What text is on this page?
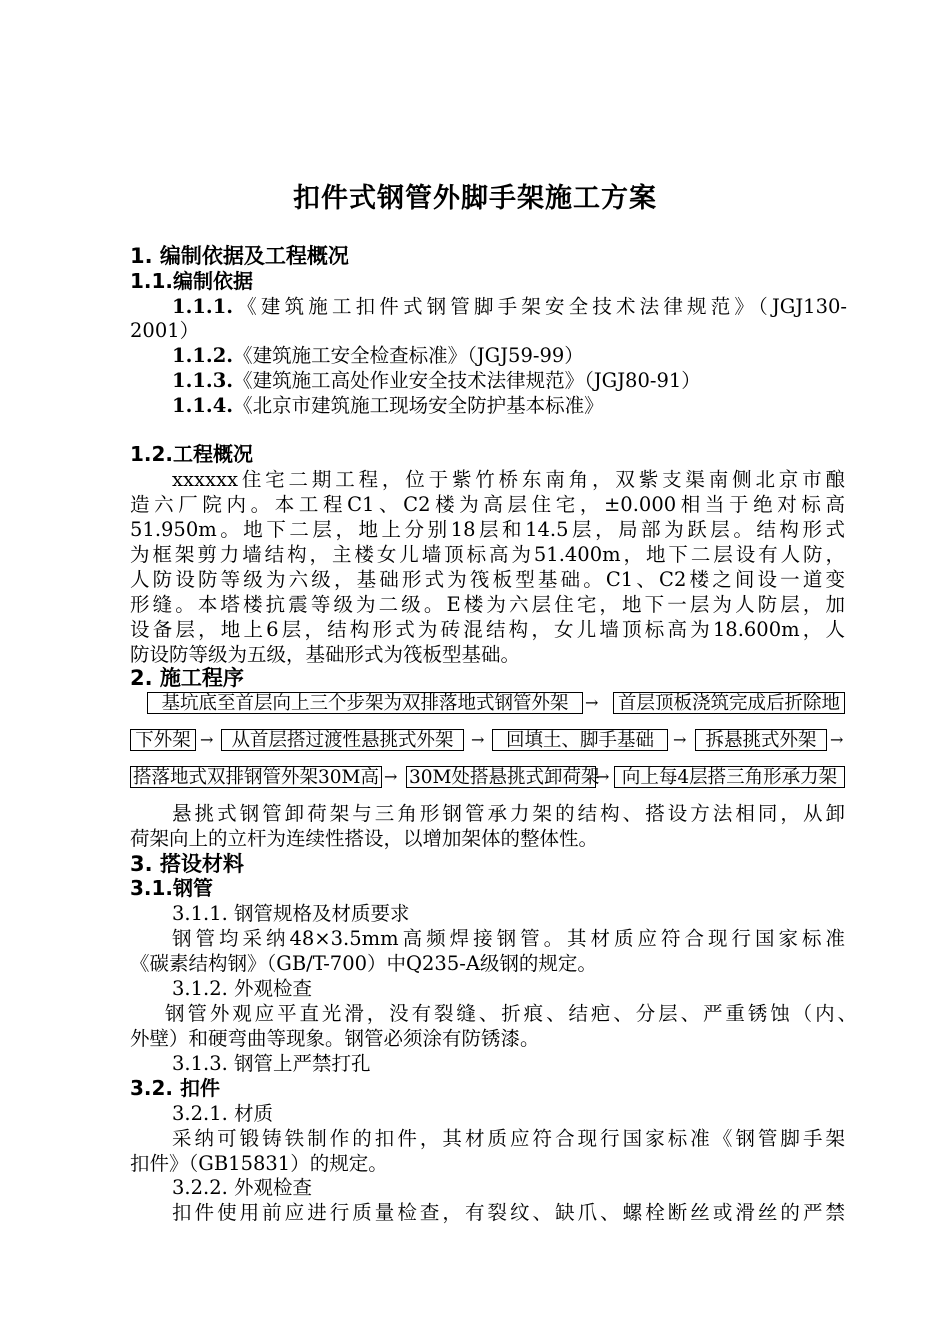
扣件式钢管外脚手架施工方案
1. 编制依据及工程概况
1.1.编制依据
1.1.1.《建筑施工扣件式钢管脚手架安全技术法律规范》（JGJ130-
2001）
1.1.2.《建筑施工安全检查标准》（JGJ59-99）
1.1.3.《建筑施工高处作业安全技术法律规范》（JGJ80-91）
1.1.4.《北京市建筑施工现场安全防护基本标准》
1.2.工程概况
xxxxxx住宅二期工程，位于紫竹桥东南角，双紫支渠南侧北京市酿
造六厂院内。本工程C1、C2楼为高层住宅，±0.000相当于绝对标高
51.950m。地下二层，地上分别18层和14.5层，局部为跃层。结构形式
为框架剪力墙结构，主楼女儿墙顶标高为51.400m，地下二层设有人防，
人防设防等级为六级，基础形式为筏板型基础。C1、C2楼之间设一道变
形缝。本塔楼抗震等级为二级。E楼为六层住宅，地下一层为人防层，加
设备层，地上6层，结构形式为砖混结构，女儿墙顶标高为18.600m，人
防设防等级为五级，基础形式为筏板型基础。
2. 施工程序
基坑底至首层向上三个步架为双排落地式钢管外架	→ 首层顶板浇筑完成后折除地
下外架 → 从首层搭过渡性悬挑式外架	→	回填土、脚手基础	→	拆悬挑式外架 →
搭落地式双排钢管外架30M高 → 30M处搭悬挑式卸荷架
→ 向上每4层搭三角形承力架
悬挑式钢管卸荷架与三角形钢管承力架的结构、搭设方法相同，从卸
荷架向上的立杆为连续性搭设，以增加架体的整体性。
3. 搭设材料
3.1.钢管
3.1.1. 钢管规格及材质要求
钢管均采纳48×3.5mm高频焊接钢管。其材质应符合现行国家标准
《碳素结构钢》（GB/T-700）中Q235-A级钢的规定。
3.1.2. 外观检查
钢管外观应平直光滑，没有裂缝、折痕、结疤、分层、严重锈蚀（内、
外壁）和硬弯曲等现象。钢管必须涂有防锈漆。
3.1.3. 钢管上严禁打孔
3.2. 扣件
3.2.1. 材质
采纳可锻铸铁制作的扣件，其材质应符合现行国家标准《钢管脚手架
扣件》（GB15831）的规定。
3.2.2. 外观检查
扣件使用前应进行质量检查，有裂纹、缺爪、螺栓断丝或滑丝的严禁
